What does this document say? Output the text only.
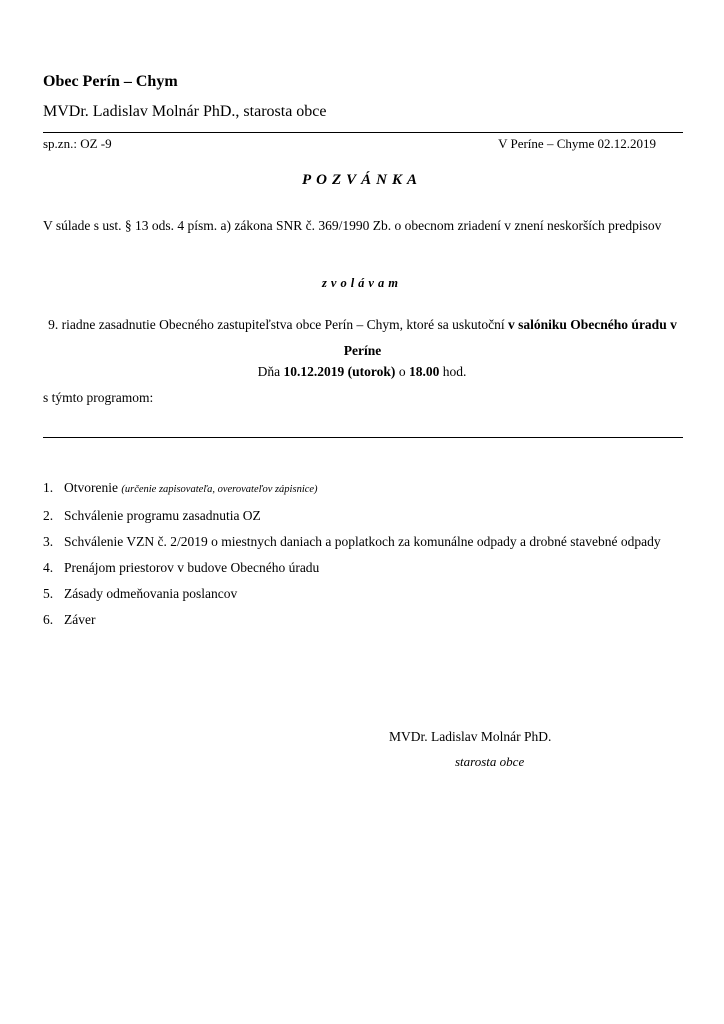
Obec Perín – Chym
MVDr. Ladislav Molnár PhD., starosta obce
sp.zn.: OZ -9	V Períne – Chyme 02.12.2019
POZVÁNKA
V súlade s ust. § 13 ods. 4 písm. a) zákona SNR č. 369/1990 Zb. o obecnom zriadení v znení neskorších predpisov
zvolávam
9. riadne zasadnutie Obecného zastupiteľstva obce Perín – Chym, ktoré sa uskutoční v salóniku Obecného úradu v Períne
Dňa 10.12.2019 (utorok) o 18.00 hod.
s týmto programom:
1. Otvorenie (určenie zapisovateľa, overovateľov zápisnice)
2. Schválenie programu zasadnutia OZ
3. Schválenie VZN č. 2/2019 o miestnych daniach a poplatkoch za komunálne odpady a drobné stavebné odpady
4. Prenájom priestorov v budove Obecného úradu
5. Zásady odmeňovania poslancov
6. Záver
MVDr. Ladislav Molnár PhD.
starosta obce
